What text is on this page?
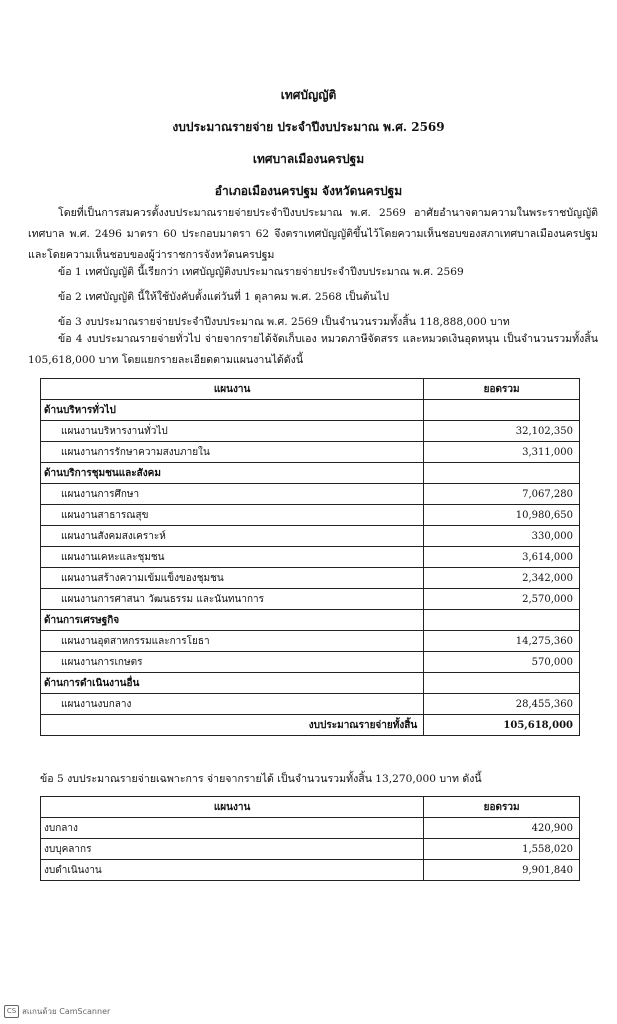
เทศบัญญัติ
งบประมาณรายจ่าย ประจำปีงบประมาณ พ.ศ. 2569
เทศบาลเมืองนครปฐม
อำเภอเมืองนครปฐม จังหวัดนครปฐม
โดยที่เป็นการสมควรตั้งงบประมาณรายจ่ายประจำปีงบประมาณ พ.ศ. 2569 อาศัยอำนาจตามความในพระราชบัญญัติเทศบาล พ.ศ. 2496 มาตรา 60 ประกอบมาตรา 62 จึงตราเทศบัญญัติขึ้นไว้โดยความเห็นชอบของสภาเทศบาลเมืองนครปฐม และโดยความเห็นชอบของผู้ว่าราชการจังหวัดนครปฐม
ข้อ 1 เทศบัญญัติ นี้เรียกว่า เทศบัญญัติงบประมาณรายจ่ายประจำปีงบประมาณ พ.ศ. 2569
ข้อ 2 เทศบัญญัติ นี้ให้ใช้บังคับตั้งแต่วันที่ 1 ตุลาคม พ.ศ. 2568 เป็นต้นไป
ข้อ 3 งบประมาณรายจ่ายประจำปีงบประมาณ พ.ศ. 2569 เป็นจำนวนรวมทั้งสิ้น 118,888,000 บาท
ข้อ 4 งบประมาณรายจ่ายทั่วไป จ่ายจากรายได้จัดเก็บเอง หมวดภาษีจัดสรร และหมวดเงินอุดหนุน เป็นจำนวนรวมทั้งสิ้น 105,618,000 บาท โดยแยกรายละเอียดตามแผนงานได้ดังนี้
แผนงาน	ยอดรวม
ด้านบริหารทั่วไป	
แผนงานบริหารงานทั่วไป	32,102,350
แผนงานการรักษาความสงบภายใน	3,311,000
ด้านบริการชุมชนและสังคม	
แผนงานการศึกษา	7,067,280
แผนงานสาธารณสุข	10,980,650
แผนงานสังคมสงเคราะห์	330,000
แผนงานเคหะและชุมชน	3,614,000
แผนงานสร้างความเข้มแข็งของชุมชน	2,342,000
แผนงานการศาสนา วัฒนธรรม และนันทนาการ	2,570,000
ด้านการเศรษฐกิจ	
แผนงานอุตสาหกรรมและการโยธา	14,275,360
แผนงานการเกษตร	570,000
ด้านการดำเนินงานอื่น	
แผนงานงบกลาง	28,455,360
งบประมาณรายจ่ายทั้งสิ้น	105,618,000
ข้อ 5 งบประมาณรายจ่ายเฉพาะการ จ่ายจากรายได้ เป็นจำนวนรวมทั้งสิ้น 13,270,000 บาท ดังนี้
แผนงาน	ยอดรวม
งบกลาง	420,900
งบบุคลากร	1,558,020
งบดำเนินงาน	9,901,840
CS สแกนด้วย CamScanner
